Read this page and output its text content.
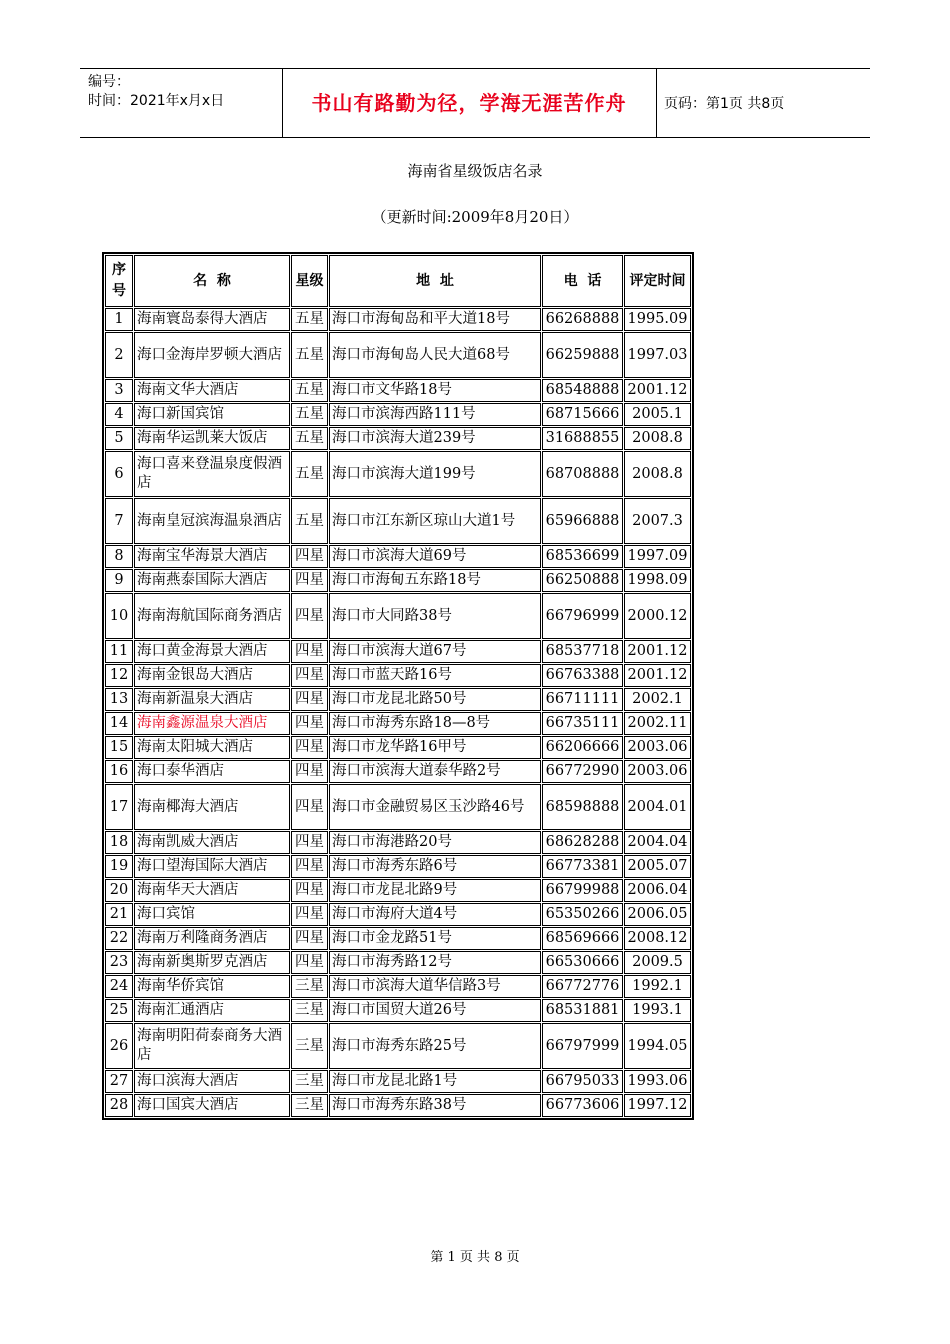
编号：
时间：2021年x月x日	书山有路勤为径，学海无涯苦作舟	页码：第1页 共8页
海南省星级饭店名录
（更新时间:2009年8月20日）
序
号	名  称	星级	地  址	电  话	评定时间
1	海南寰岛泰得大酒店	五星	海口市海甸岛和平大道18号	66268888	1995.09
2	海口金海岸罗顿大酒店	五星	海口市海甸岛人民大道68号	66259888	1997.03
3	海南文华大酒店	五星	海口市文华路18号	68548888	2001.12
4	海口新国宾馆	五星	海口市滨海西路111号	68715666	2005.1
5	海南华运凯莱大饭店	五星	海口市滨海大道239号	31688855	2008.8
6	海口喜来登温泉度假酒店	五星	海口市滨海大道199号	68708888	2008.8
7	海南皇冠滨海温泉酒店	五星	海口市江东新区琼山大道1号	65966888	2007.3
8	海南宝华海景大酒店	四星	海口市滨海大道69号	68536699	1997.09
9	海南燕泰国际大酒店	四星	海口市海甸五东路18号	66250888	1998.09
10	海南海航国际商务酒店	四星	海口市大同路38号	66796999	2000.12
11	海口黄金海景大酒店	四星	海口市滨海大道67号	68537718	2001.12
12	海南金银岛大酒店	四星	海口市蓝天路16号	66763388	2001.12
13	海南新温泉大酒店	四星	海口市龙昆北路50号	66711111	2002.1
14	海南鑫源温泉大酒店	四星	海口市海秀东路18—8号	66735111	2002.11
15	海南太阳城大酒店	四星	海口市龙华路16甲号	66206666	2003.06
16	海口泰华酒店	四星	海口市滨海大道泰华路2号	66772990	2003.06
17	海南椰海大酒店	四星	海口市金融贸易区玉沙路46号	68598888	2004.01
18	海南凯威大酒店	四星	海口市海港路20号	68628288	2004.04
19	海口望海国际大酒店	四星	海口市海秀东路6号	66773381	2005.07
20	海南华天大酒店	四星	海口市龙昆北路9号	66799988	2006.04
21	海口宾馆	四星	海口市海府大道4号	65350266	2006.05
22	海南万利隆商务酒店	四星	海口市金龙路51号	68569666	2008.12
23	海南新奥斯罗克酒店	四星	海口市海秀路12号	66530666	2009.5
24	海南华侨宾馆	三星	海口市滨海大道华信路3号	66772776	1992.1
25	海南汇通酒店	三星	海口市国贸大道26号	68531881	1993.1
26	海南明阳荷泰商务大酒店	三星	海口市海秀东路25号	66797999	1994.05
27	海口滨海大酒店	三星	海口市龙昆北路1号	66795033	1993.06
28	海口国宾大酒店	三星	海口市海秀东路38号	66773606	1997.12
第 1 页 共 8 页
